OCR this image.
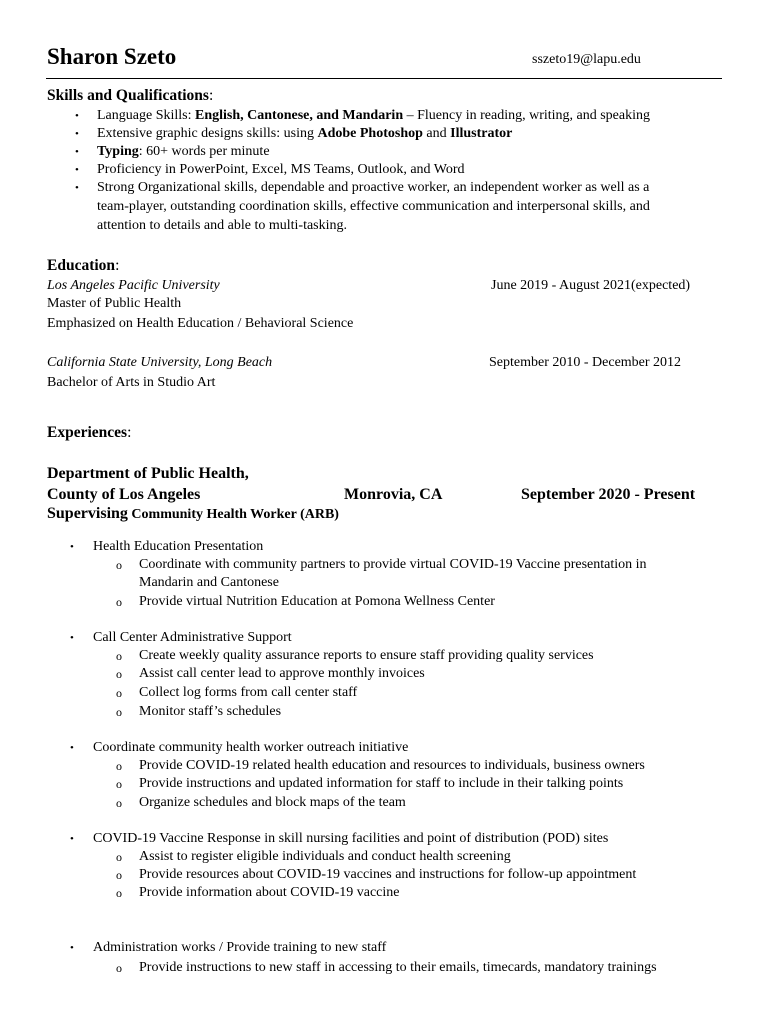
Sharon Szeto	sszeto19@lapu.edu
Skills and Qualifications:
• Language Skills: English, Cantonese, and Mandarin – Fluency in reading, writing, and speaking
• Extensive graphic designs skills: using Adobe Photoshop and Illustrator
• Typing: 60+ words per minute
• Proficiency in PowerPoint, Excel, MS Teams, Outlook, and Word
• Strong Organizational skills, dependable and proactive worker, an independent worker as well as a
team-player, outstanding coordination skills, effective communication and interpersonal skills, and
attention to details and able to multi-tasking.
Education:
Los Angeles Pacific University	June 2019 - August 2021(expected)
Master of Public Health
Emphasized on Health Education / Behavioral Science
California State University, Long Beach	September 2010 - December 2012
Bachelor of Arts in Studio Art
Experiences:
Department of Public Health,
County of Los Angeles	Monrovia, CA	September 2020 - Present
Supervising Community Health Worker (ARB)
• Health Education Presentation
o Coordinate with community partners to provide virtual COVID-19 Vaccine presentation in
Mandarin and Cantonese
o Provide virtual Nutrition Education at Pomona Wellness Center
• Call Center Administrative Support
o Create weekly quality assurance reports to ensure staff providing quality services
o Assist call center lead to approve monthly invoices
o Collect log forms from call center staff
o Monitor staff’s schedules
• Coordinate community health worker outreach initiative
o Provide COVID-19 related health education and resources to individuals, business owners
o Provide instructions and updated information for staff to include in their talking points
o Organize schedules and block maps of the team
• COVID-19 Vaccine Response in skill nursing facilities and point of distribution (POD) sites
o Assist to register eligible individuals and conduct health screening
o Provide resources about COVID-19 vaccines and instructions for follow-up appointment
o Provide information about COVID-19 vaccine
• Administration works / Provide training to new staff
o Provide instructions to new staff in accessing to their emails, timecards, mandatory trainings
